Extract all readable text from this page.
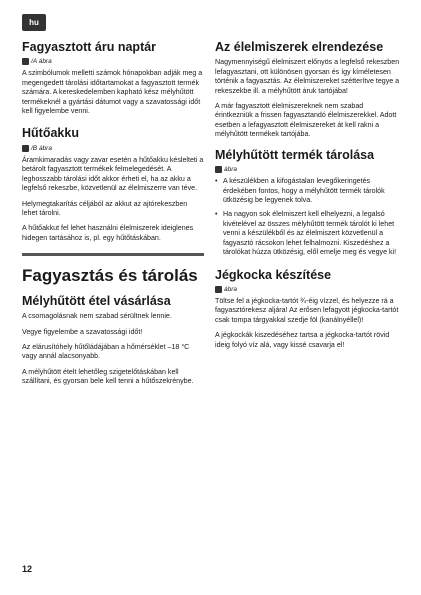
hu
Fagyasztott áru naptár
/A ábra

A szimbólumok melletti számok hónapokban adják meg a megengedett tárolási időtartamokat a fagyasztott termék számára. A kereskedelemben kapható kész mélyhűtött termékeknél a gyártási dátumot vagy a szavatossági időt kell figyelembe venni.

Hűtőakku
/B ábra

Áramkimaradás vagy zavar esetén a hűtőakku késlelteti a betárolt fagyasztott termékek felmelegedését. A leghosszabb tárolási időt akkor érheti el, ha az akku a legfelső rekeszbe, közvetlenül az élelmiszerre van téve.

Helymegtakarítás céljából az akkut az ajtórekeszben lehet tárolni.

A hűtőakkut fel lehet használni élelmiszerek ideiglenes hidegen tartásához is, pl. egy hűtőtáskában.

Fagyasztás és tárolás
Mélyhűtött étel vásárlása

A csomagolásnak nem szabad sérültnek lennie.

Vegye figyelembe a szavatossági időt!

Az elárusítóhely hűtőládájában a hőmérséklet –18 °C vagy annál alacsonyabb.

A mélyhűtött ételt lehetőleg szigetelőtáskában kell szállítani, és gyorsan bele kell tenni a hűtőszekrénybe.

Az élelmiszerek elrendezése

Nagymennyiségű élelmiszert előnyös a legfelső rekeszben lefagyasztani, ott különösen gyorsan és így kíméletesen történik a fagyasztás. Az élelmiszereket szétterítve tegye a rekeszekbe ill. a mélyhűtött áruk tartójába!

A már fagyasztott élelmiszereknek nem szabad érintkezniük a frissen fagyasztandó élelmiszerekkel. Adott esetben a lefagyasztott élelmiszereket át kell rakni a mélyhűtött termékek tartójába.

Mélyhűtött termék tárolása
ábra
• A készülékben a kifogástalan levegőkeringetés érdekében fontos, hogy a mélyhűtött termék tárolók ütközésig be legyenek tolva.
• Ha nagyon sok élelmiszert kell elhelyezni, a legalsó kivételével az összes mélyhűtött termék tárolót ki lehet venni a készülékből és az élelmiszert közvetlenül a fagyasztó rácsokon lehet felhalmozni. Kiszedéshez a tárolókat húzza ütközésig, elől emelje meg és vegye ki!
Jégkocka készítése
ábra

Töltse fel a jégkocka-tartót ¾-éig vízzel, és helyezze rá a fagyasztórekesz aljára! Az erősen lefagyott jégkocka-tartót csak tompa tárgyakkal szedje föl (kanálnyéllel)!

A jégkockák kiszedéséhez tartsa a jégkocka-tartót rövid ideig folyó víz alá, vagy kissé csavarja el!

12
